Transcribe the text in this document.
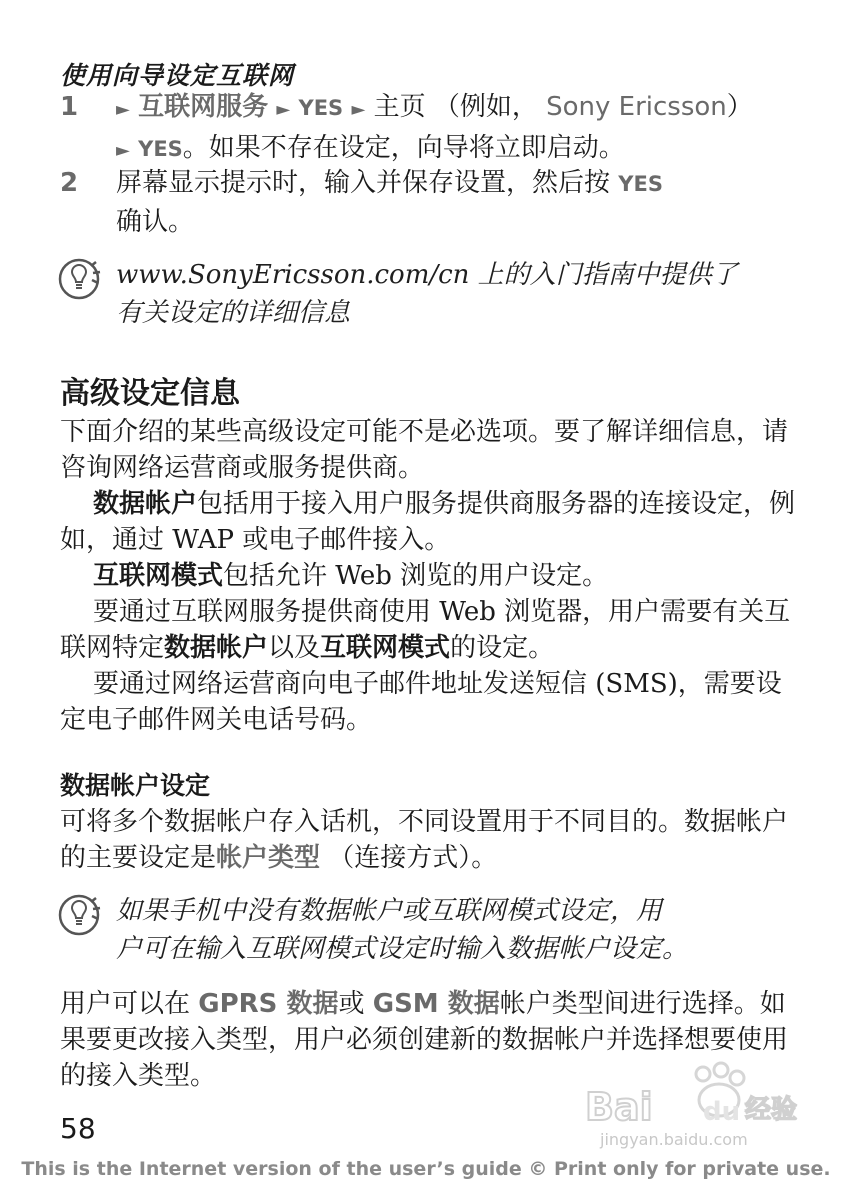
使用向导设定互联网
1	► 互联网服务 ► YES ► 主页 （例如， Sony Ericsson）
► YES。如果不存在设定，向导将立即启动。
2	屏幕显示提示时，输入并保存设置，然后按 YES
确认。
www.SonyEricsson.com/cn 上的入门指南中提供了
有关设定的详细信息
高级设定信息
下面介绍的某些高级设定可能不是必选项。要了解详细信息，请咨询网络运营商或服务提供商。
数据帐户包括用于接入用户服务提供商服务器的连接设定，例如，通过 WAP 或电子邮件接入。
互联网模式包括允许 Web 浏览的用户设定。
要通过互联网服务提供商使用 Web 浏览器，用户需要有关互联网特定数据帐户以及互联网模式的设定。
要通过网络运营商向电子邮件地址发送短信 (SMS)，需要设定电子邮件网关电话号码。
数据帐户设定
可将多个数据帐户存入话机，不同设置用于不同目的。数据帐户的主要设定是帐户类型 （连接方式）。
如果手机中没有数据帐户或互联网模式设定，用
户可在输入互联网模式设定时输入数据帐户设定。
用户可以在 GPRS 数据或 GSM 数据帐户类型间进行选择。如果要更改接入类型，用户必须创建新的数据帐户并选择想要使用的接入类型。
Bai du 经验
jingyan.baidu.com
58
This is the Internet version of the user’s guide © Print only for private use.
